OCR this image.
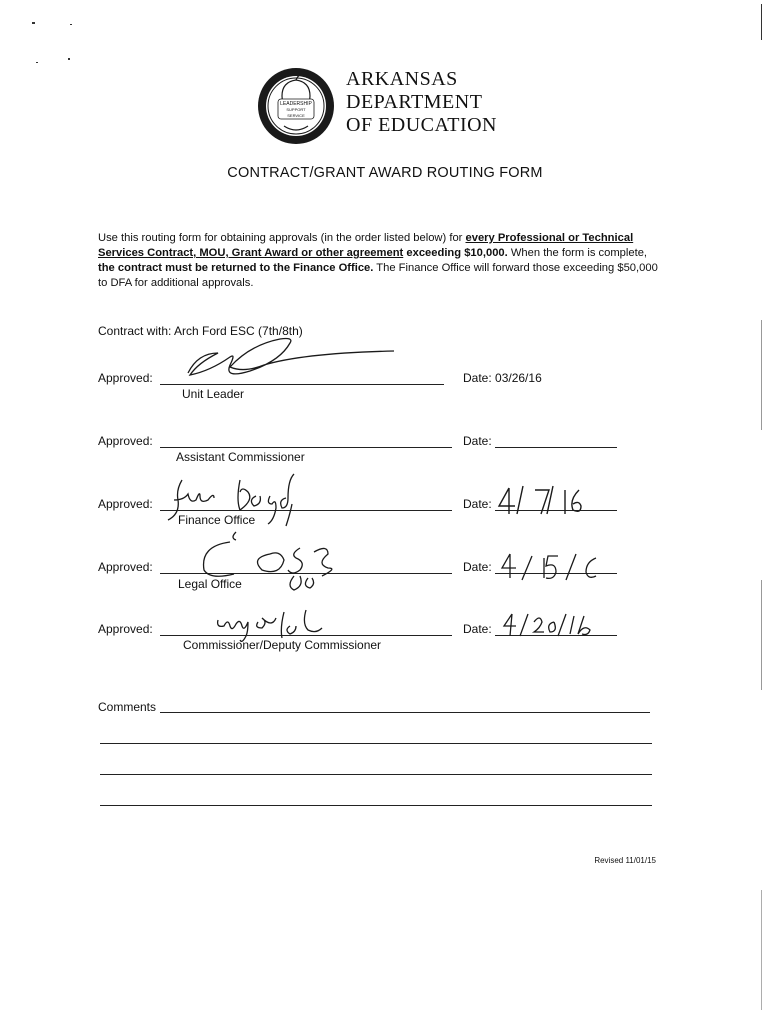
LEADERSHIP
SUPPORT
SERVICE
ARKANSAS
DEPARTMENT
OF EDUCATION
CONTRACT/GRANT AWARD ROUTING FORM
Use this routing form for obtaining approvals (in the order listed below) for every Professional or Technical Services Contract, MOU, Grant Award or other agreement exceeding $10,000. When the form is complete, the contract must be returned to the Finance Office. The Finance Office will forward those exceeding $50,000 to DFA for additional approvals.
Contract with: Arch Ford ESC (7th/8th)
Approved:
Unit Leader
Date: 03/26/16
Approved:
Assistant Commissioner
Date:
Approved:
Finance Office
Date:
Approved:
Legal Office
Date:
Approved:
Commissioner/Deputy Commissioner
Date:
Comments
Revised 11/01/15
